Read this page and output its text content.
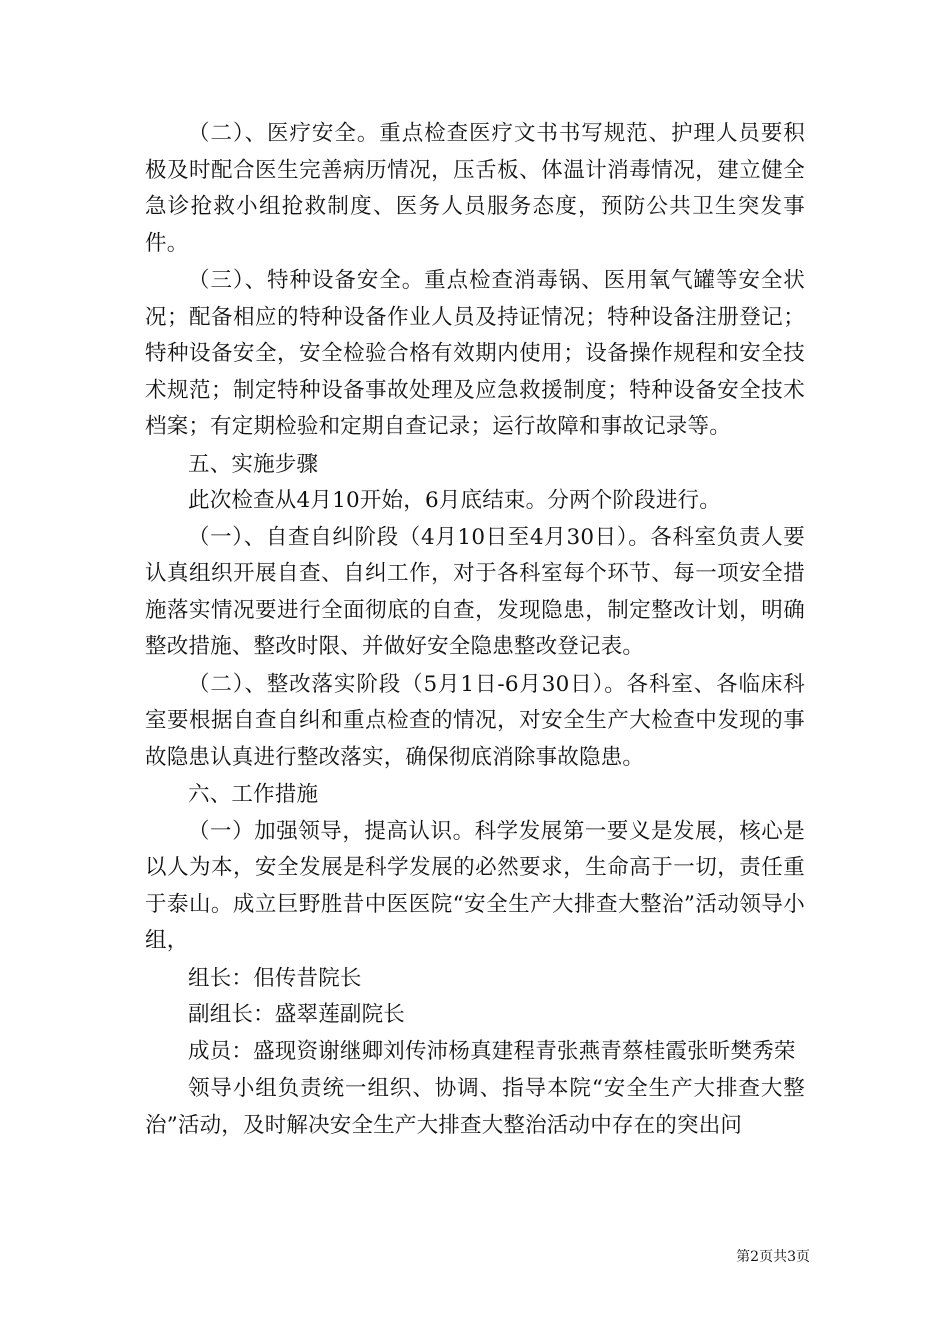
（二）、医疗安全。重点检查医疗文书书写规范、护理人员要积极及时配合医生完善病历情况，压舌板、体温计消毒情况，建立健全急诊抢救小组抢救制度、医务人员服务态度，预防公共卫生突发事件。

（三）、特种设备安全。重点检查消毒锅、医用氧气罐等安全状况；配备相应的特种设备作业人员及持证情况；特种设备注册登记；特种设备安全，安全检验合格有效期内使用；设备操作规程和安全技术规范；制定特种设备事故处理及应急救援制度；特种设备安全技术档案；有定期检验和定期自查记录；运行故障和事故记录等。

五、实施步骤

此次检查从4月10开始，6月底结束。分两个阶段进行。

（一）、自查自纠阶段（4月10日至4月30日）。各科室负责人要认真组织开展自查、自纠工作，对于各科室每个环节、每一项安全措施落实情况要进行全面彻底的自查，发现隐患，制定整改计划，明确整改措施、整改时限、并做好安全隐患整改登记表。

（二）、整改落实阶段（5月1日-6月30日）。各科室、各临床科室要根据自查自纠和重点检查的情况，对安全生产大检查中发现的事故隐患认真进行整改落实，确保彻底消除事故隐患。

六、工作措施

（一）加强领导，提高认识。科学发展第一要义是发展，核心是以人为本，安全发展是科学发展的必然要求，生命高于一切，责任重于泰山。成立巨野胜昔中医医院“安全生产大排查大整治”活动领导小组，

组长：佀传昔院长

副组长：盛翠莲副院长

成员：盛现资谢继卿刘传沛杨真建程青张燕青蔡桂霞张昕樊秀荣

领导小组负责统一组织、协调、指导本院“安全生产大排查大整治”活动，及时解决安全生产大排查大整治活动中存在的突出问

第2页共3页
